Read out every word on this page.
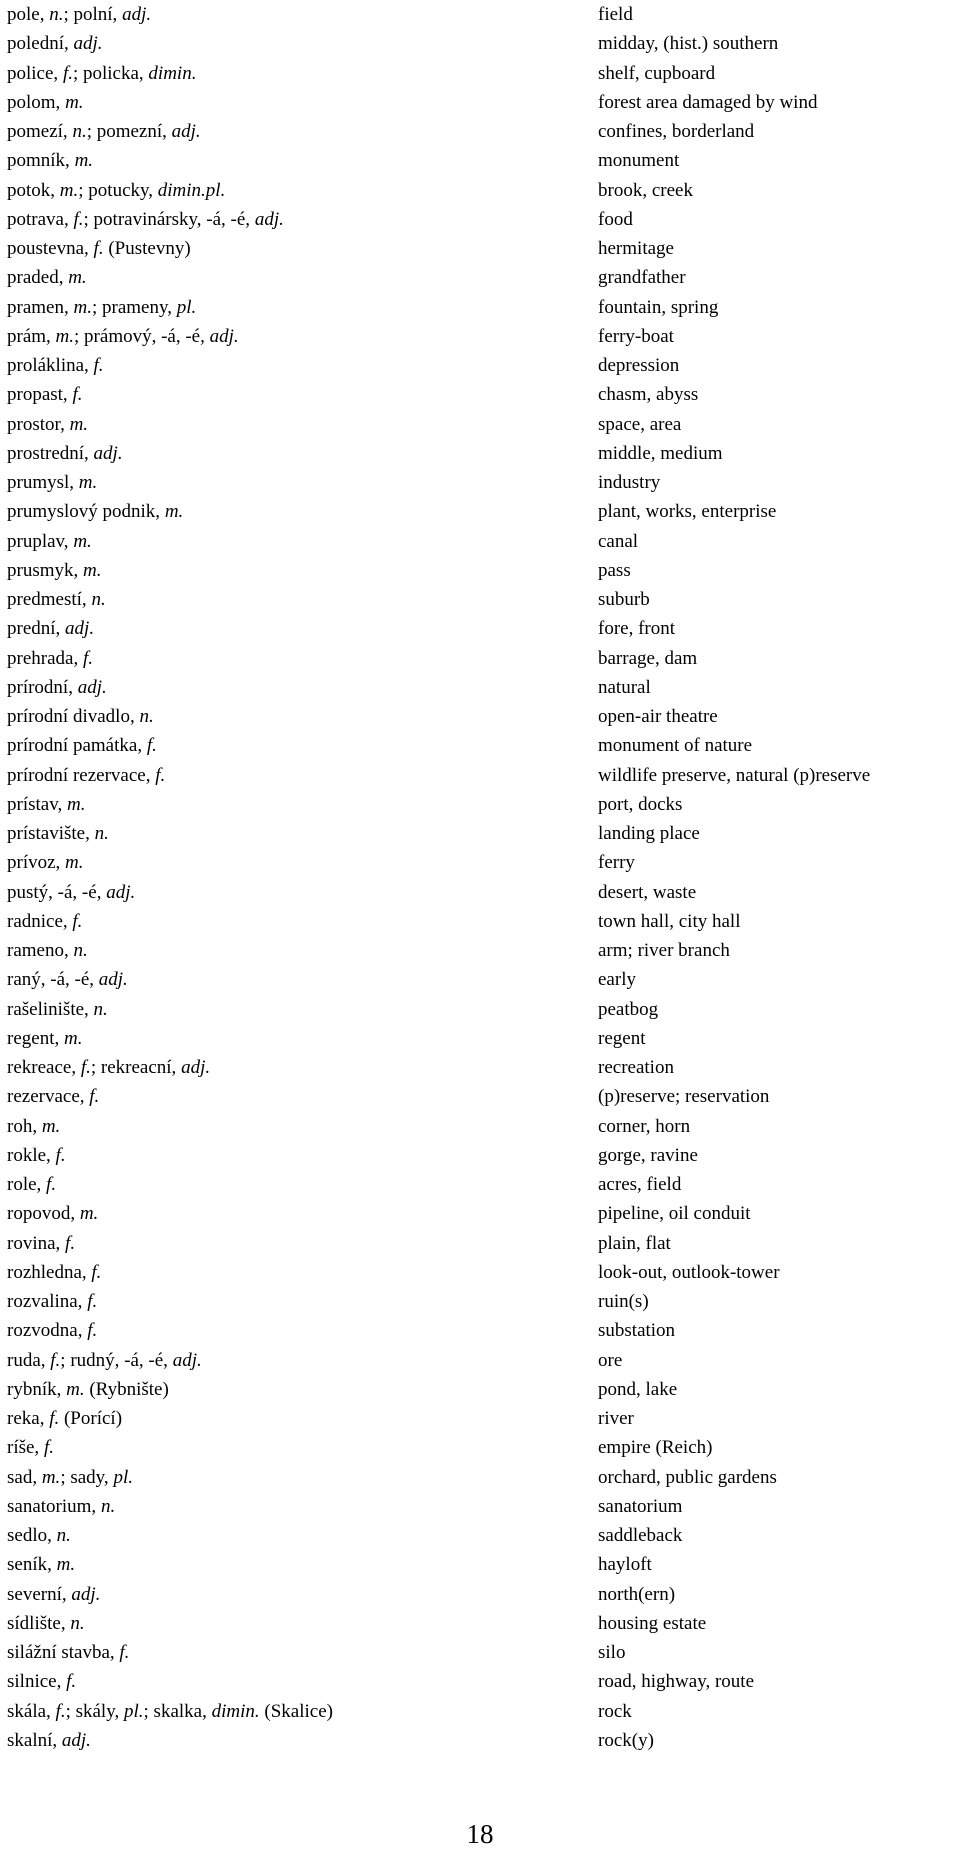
pole, n.; polní, adj.	field
polední, adj.	midday, (hist.) southern
police, f.; policka, dimin.	shelf, cupboard
polom, m.	forest area damaged by wind
pomezí, n.; pomezní, adj.	confines, borderland
pomník, m.	monument
potok, m.; potucky, dimin.pl.	brook, creek
potrava, f.; potravinársky, -á, -é, adj.	food
poustevna, f. (Pustevny)	hermitage
praded, m.	grandfather
pramen, m.; prameny, pl.	fountain, spring
prám, m.; prámový, -á, -é, adj.	ferry-boat
proláklina, f.	depression
propast, f.	chasm, abyss
prostor, m.	space, area
prostrední, adj.	middle, medium
prumysl, m.	industry
prumyslový podnik, m.	plant, works, enterprise
pruplav, m.	canal
prusmyk, m.	pass
predmestí, n.	suburb
prední, adj.	fore, front
prehrada, f.	barrage, dam
prírodní, adj.	natural
prírodní divadlo, n.	open-air theatre
prírodní památka, f.	monument of nature
prírodní rezervace, f.	wildlife preserve, natural (p)reserve
prístav, m.	port, docks
prístavište, n.	landing place
prívoz, m.	ferry
pustý, -á, -é, adj.	desert, waste
radnice, f.	town hall, city hall
rameno, n.	arm; river branch
raný, -á, -é, adj.	early
rašelinište, n.	peatbog
regent, m.	regent
rekreace, f.; rekreacní, adj.	recreation
rezervace, f.	(p)reserve; reservation
roh, m.	corner, horn
rokle, f.	gorge, ravine
role, f.	acres, field
ropovod, m.	pipeline, oil conduit
rovina, f.	plain, flat
rozhledna, f.	look-out, outlook-tower
rozvalina, f.	ruin(s)
rozvodna, f.	substation
ruda, f.; rudný, -á, -é, adj.	ore
rybník, m. (Rybnište)	pond, lake
reka, f. (Porící)	river
ríše, f.	empire (Reich)
sad, m.; sady, pl.	orchard, public gardens
sanatorium, n.	sanatorium
sedlo, n.	saddleback
seník, m.	hayloft
severní, adj.	north(ern)
sídlište, n.	housing estate
silážní stavba, f.	silo
silnice, f.	road, highway, route
skála, f.; skály, pl.; skalka, dimin. (Skalice)	rock
skalní, adj.	rock(y)
18
